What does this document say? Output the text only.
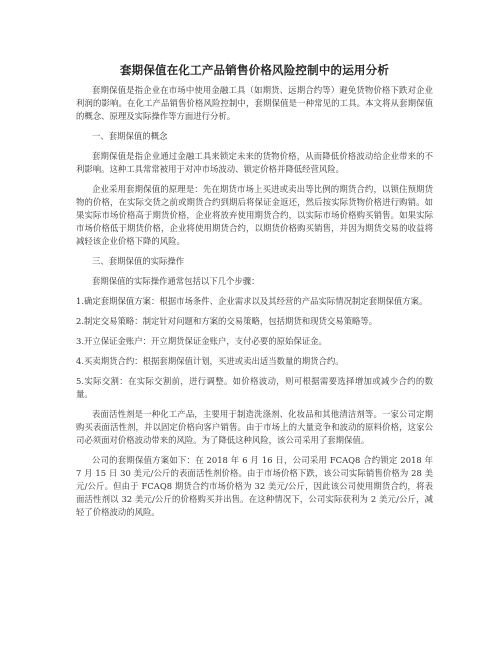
套期保值在化工产品销售价格风险控制中的运用分析

套期保值是指企业在市场中使用金融工具（如期货、远期合约等）避免货物价格下跌对企业利润的影响。在化工产品销售价格风险控制中，套期保值是一种常见的工具。本文将从套期保值的概念、原理及实际操作等方面进行分析。

一、套期保值的概念

套期保值是指企业通过金融工具来锁定未来的货物价格，从而降低价格波动给企业带来的不利影响。这种工具常常被用于对冲市场波动、锁定价格并降低经营风险。

企业采用套期保值的原理是：先在期货市场上买进或卖出等比例的期货合约，以锁住预期货物的价格，在实际交货之前或期货合约到期后将保证金返还，然后按实际货物价格进行购销。如果实际市场价格高于期货价格，企业将放弃使用期货合约，以实际市场价格购买销售。如果实际市场价格低于期货价格，企业将使用期货合约，以期货价格购买销售，并因为期货交易的收益将减轻该企业价格下降的风险。

三、套期保值的实际操作

套期保值的实际操作通常包括以下几个步骤：

1.确定套期保值方案：根据市场条件、企业需求以及其经营的产品实际情况制定套期保值方案。

2.制定交易策略：制定针对问题和方案的交易策略，包括期货和现货交易策略等。

3.开立保证金账户：开立期货保证金账户，支付必要的原始保证金。

4.买卖期货合约：根据套期保值计划，买进或卖出适当数量的期货合约。

5.实际交割：在实际交割前，进行调整。如价格波动，则可根据需要选择增加或减少合约的数量。

表面活性剂是一种化工产品，主要用于制造洗涤剂、化妆品和其他清洁剂等。一家公司定期购买表面活性剂，并以固定价格向客户销售。由于市场上的大量竞争和波动的原料价格，这家公司必须面对价格波动带来的风险。为了降低这种风险，该公司采用了套期保值。

公司的套期保值方案如下：在 2018 年 6 月 16 日，公司采用 FCAQ8 合约锁定 2018 年 7 月 15 日 30 美元/公斤的表面活性剂价格。由于市场价格下跌，该公司实际销售价格为 28 美元/公斤。但由于 FCAQ8 期货合约市场价格为 32 美元/公斤，因此该公司使用期货合约，将表面活性剂以 32 美元/公斤的价格购买并出售。在这种情况下，公司实际获利为 2 美元/公斤，减轻了价格波动的风险。
